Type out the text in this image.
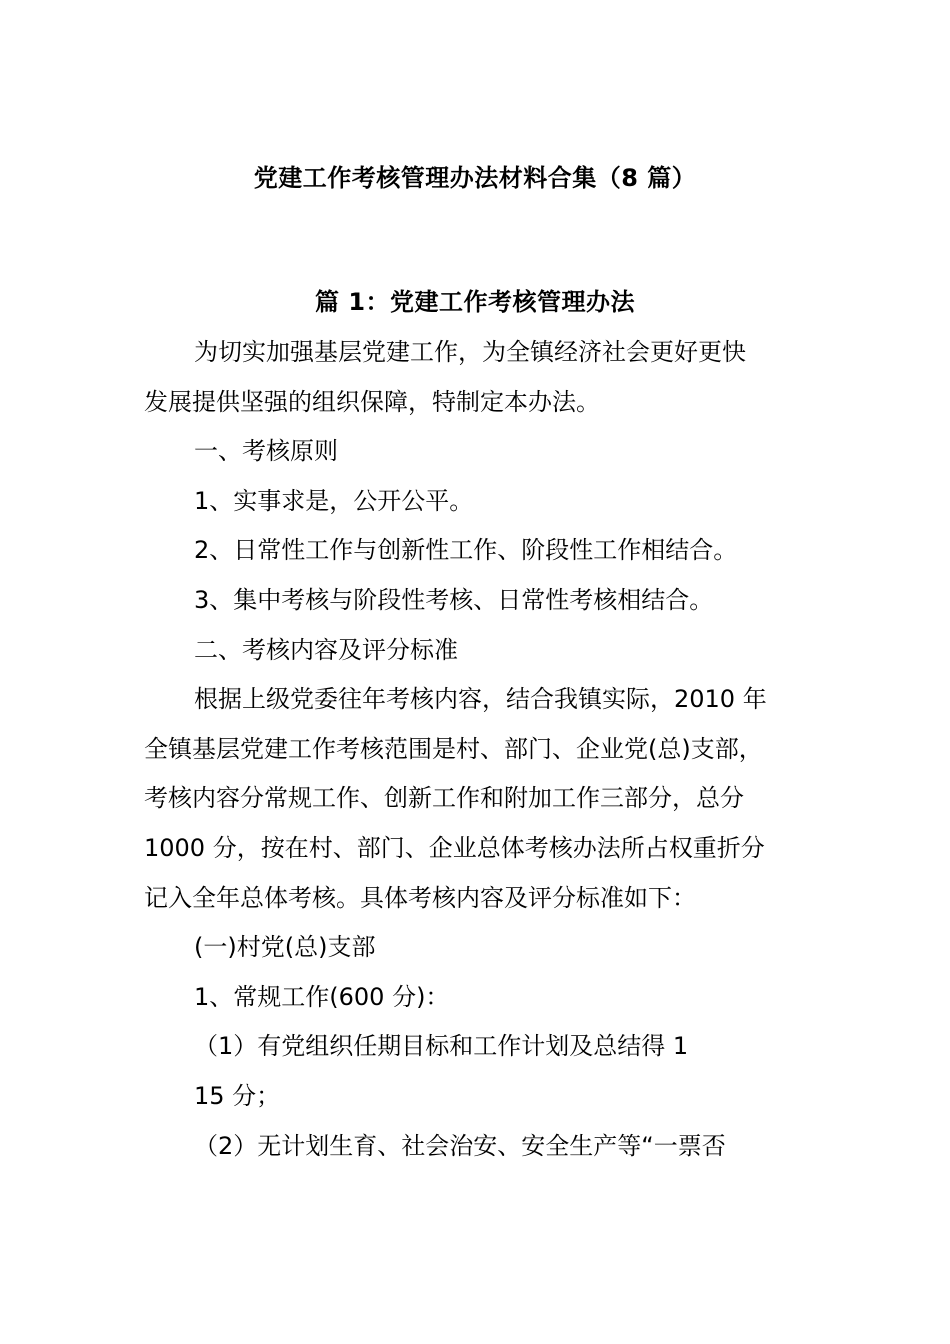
党建工作考核管理办法材料合集（8 篇）
篇 1：党建工作考核管理办法
为切实加强基层党建工作，为全镇经济社会更好更快
发展提供坚强的组织保障，特制定本办法。
一、考核原则
1、实事求是，公开公平。
2、日常性工作与创新性工作、阶段性工作相结合。
3、集中考核与阶段性考核、日常性考核相结合。
二、考核内容及评分标准
根据上级党委往年考核内容，结合我镇实际，2010 年
全镇基层党建工作考核范围是村、部门、企业党(总)支部，
考核内容分常规工作、创新工作和附加工作三部分，总分
1000 分，按在村、部门、企业总体考核办法所占权重折分
记入全年总体考核。具体考核内容及评分标准如下：
(一)村党(总)支部
1、常规工作(600 分)：
（1）有党组织任期目标和工作计划及总结得 1
15 分；
（2）无计划生育、社会治安、安全生产等“一票否
